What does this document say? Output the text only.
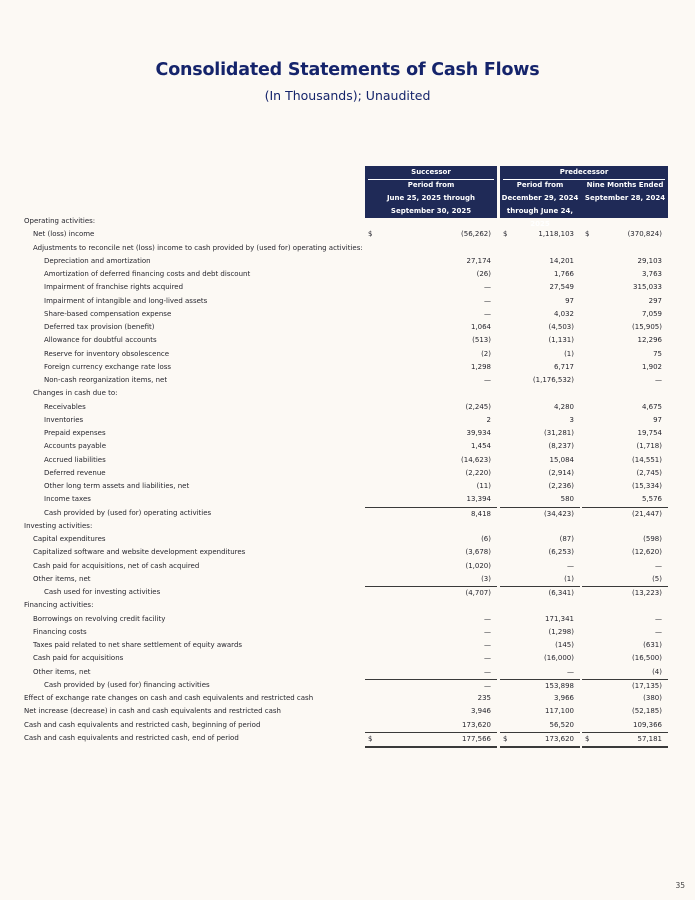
Consolidated Statements of Cash Flows
(In Thousands); Unaudited
Successor
Period from
June 25, 2025 through
September 30, 2025
Predecessor
Period from
December 29, 2024
through June 24, 2025
Nine Months Ended
September 28, 2024
Operating activities:
Net (loss) income	$	(56,262) $	1,118,103 $	(370,824)
Adjustments to reconcile net (loss) income to cash provided by (used for) operating activities:
Depreciation and amortization	27,174	14,201	29,103
Amortization of deferred financing costs and debt discount	(26)	1,766	3,763
Impairment of franchise rights acquired	—	27,549	315,033
Impairment of intangible and long-lived assets	—	97	297
Share-based compensation expense	—	4,032	7,059
Deferred tax provision (benefit)	1,064	(4,503)	(15,905)
Allowance for doubtful accounts	(513)	(1,131)	12,296
Reserve for inventory obsolescence	(2)	(1)	75
Foreign currency exchange rate loss	1,298	6,717	1,902
Non-cash reorganization items, net	—	(1,176,532)	—
Changes in cash due to:
Receivables	(2,245)	4,280	4,675
Inventories	2	3	97
Prepaid expenses	39,934	(31,281)	19,754
Accounts payable	1,454	(8,237)	(1,718)
Accrued liabilities	(14,623)	15,084	(14,551)
Deferred revenue	(2,220)	(2,914)	(2,745)
Other long term assets and liabilities, net	(11)	(2,236)	(15,334)
Income taxes	13,394	580	5,576
Cash provided by (used for) operating activities	8,418	(34,423)	(21,447)
Investing activities:
Capital expenditures	(6)	(87)	(598)
Capitalized software and website development expenditures	(3,678)	(6,253)	(12,620)
Cash paid for acquisitions, net of cash acquired	(1,020)	—	—
Other items, net	(3)	(1)	(5)
Cash used for investing activities	(4,707)	(6,341)	(13,223)
Financing activities:
Borrowings on revolving credit facility	—	171,341	—
Financing costs	—	(1,298)	—
Taxes paid related to net share settlement of equity awards	—	(145)	(631)
Cash paid for acquisitions	—	(16,000)	(16,500)
Other items, net	—	—	(4)
Cash provided by (used for) financing activities	—	153,898	(17,135)
Effect of exchange rate changes on cash and cash equivalents and restricted cash	235	3,966	(380)
Net increase (decrease) in cash and cash equivalents and restricted cash	3,946	117,100	(52,185)
Cash and cash equivalents and restricted cash, beginning of period	173,620	56,520	109,366
Cash and cash equivalents and restricted cash, end of period	$	177,566 $	173,620 $	57,181
35
